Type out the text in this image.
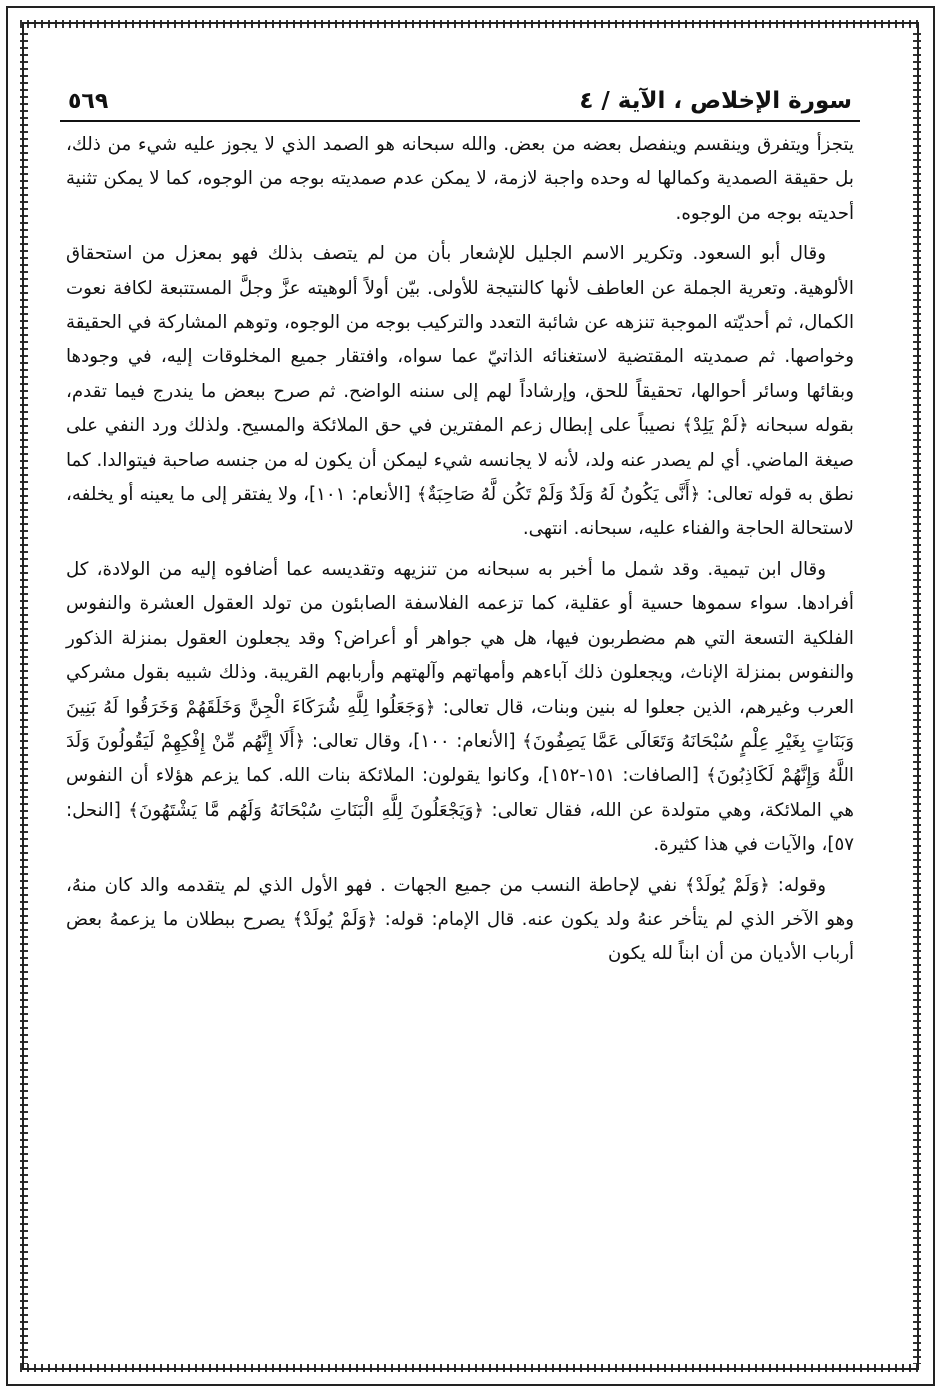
سورة الإخلاص ، الآية / ٤
٥٦٩

يتجزأ ويتفرق وينقسم وينفصل بعضه من بعض. والله سبحانه هو الصمد الذي لا يجوز عليه شيء من ذلك، بل حقيقة الصمدية وكمالها له وحده واجبة لازمة، لا يمكن عدم صمديته بوجه من الوجوه، كما لا يمكن تثنية أحديته بوجه من الوجوه.

وقال أبو السعود. وتكرير الاسم الجليل للإشعار بأن من لم يتصف بذلك فهو بمعزل من استحقاق الألوهية. وتعرية الجملة عن العاطف لأنها كالنتيجة للأولى. بيّن أولاً ألوهيته عزَّ وجلَّ المستتبعة لكافة نعوت الكمال، ثم أحديّته الموجبة تنزهه عن شائبة التعدد والتركيب بوجه من الوجوه، وتوهم المشاركة في الحقيقة وخواصها. ثم صمديته المقتضية لاستغنائه الذاتيّ عما سواه، وافتقار جميع المخلوقات إليه، في وجودها وبقائها وسائر أحوالها، تحقيقاً للحق، وإرشاداً لهم إلى سننه الواضح. ثم صرح ببعض ما يندرج فيما تقدم، بقوله سبحانه ﴿لَمْ يَلِدْ﴾ نصيباً على إبطال زعم المفترين في حق الملائكة والمسيح. ولذلك ورد النفي على صيغة الماضي. أي لم يصدر عنه ولد، لأنه لا يجانسه شيء ليمكن أن يكون له من جنسه صاحبة فيتوالدا. كما نطق به قوله تعالى: ﴿أَنَّى يَكُونُ لَهُ وَلَدٌ وَلَمْ تَكُن لَّهُ صَاحِبَةٌ﴾ [الأنعام: ١٠١]، ولا يفتقر إلى ما يعينه أو يخلفه، لاستحالة الحاجة والفناء عليه، سبحانه. انتهى.

وقال ابن تيمية. وقد شمل ما أخبر به سبحانه من تنزيهه وتقديسه عما أضافوه إليه من الولادة، كل أفرادها. سواء سموها حسية أو عقلية، كما تزعمه الفلاسفة الصابئون من تولد العقول العشرة والنفوس الفلكية التسعة التي هم مضطربون فيها، هل هي جواهر أو أعراض؟ وقد يجعلون العقول بمنزلة الذكور والنفوس بمنزلة الإناث، ويجعلون ذلك آباءهم وأمهاتهم وآلهتهم وأربابهم القريبة. وذلك شبيه بقول مشركي العرب وغيرهم، الذين جعلوا له بنين وبنات، قال تعالى: ﴿وَجَعَلُوا لِلَّهِ شُرَكَاءَ الْجِنَّ وَخَلَقَهُمْ وَخَرَقُوا لَهُ بَنِينَ وَبَنَاتٍ بِغَيْرِ عِلْمٍ سُبْحَانَهُ وَتَعَالَى عَمَّا يَصِفُونَ﴾ [الأنعام: ١٠٠]، وقال تعالى: ﴿أَلَا إِنَّهُم مِّنْ إِفْكِهِمْ لَيَقُولُونَ وَلَدَ اللَّهُ وَإِنَّهُمْ لَكَاذِبُونَ﴾ [الصافات: ١٥١-١٥٢]، وكانوا يقولون: الملائكة بنات الله. كما يزعم هؤلاء أن النفوس هي الملائكة، وهي متولدة عن الله، فقال تعالى: ﴿وَيَجْعَلُونَ لِلَّهِ الْبَنَاتِ سُبْحَانَهُ وَلَهُم مَّا يَشْتَهُونَ﴾ [النحل: ٥٧]، والآيات في هذا كثيرة.

وقوله: ﴿وَلَمْ يُولَدْ﴾ نفي لإحاطة النسب من جميع الجهات . فهو الأول الذي لم يتقدمه والد كان منهُ، وهو الآخر الذي لم يتأخر عنهُ ولد يكون عنه. قال الإمام: قوله: ﴿وَلَمْ يُولَدْ﴾ يصرح ببطلان ما يزعمهُ بعض أرباب الأديان من أن ابناً لله يكون
